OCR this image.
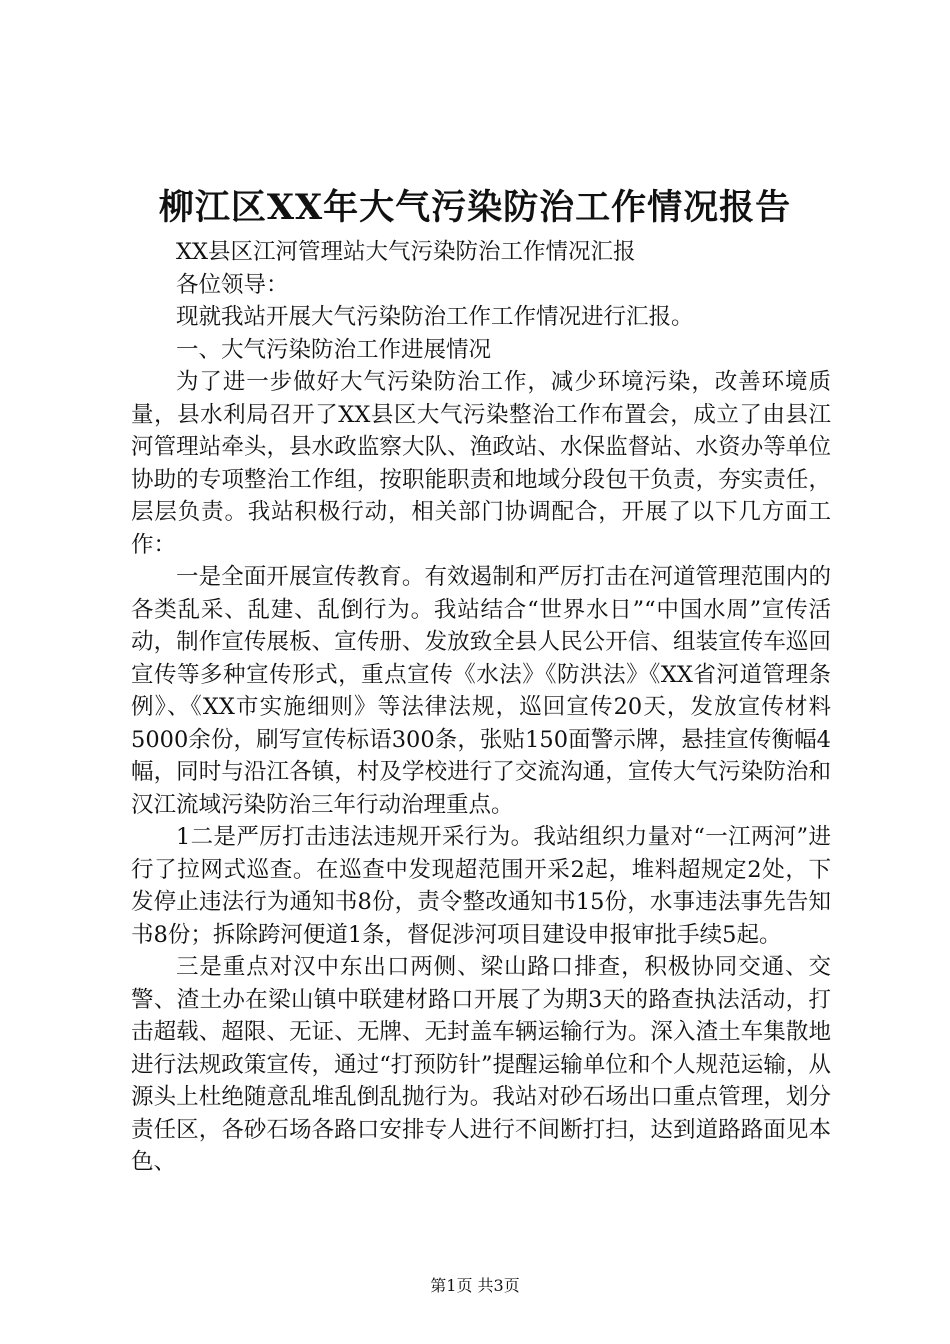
柳江区XX年大气污染防治工作情况报告

XX县区江河管理站大气污染防治工作情况汇报

各位领导：

现就我站开展大气污染防治工作工作情况进行汇报。

一、大气污染防治工作进展情况

为了进一步做好大气污染防治工作，减少环境污染，改善环境质量，县水利局召开了XX县区大气污染整治工作布置会，成立了由县江河管理站牵头，县水政监察大队、渔政站、水保监督站、水资办等单位协助的专项整治工作组，按职能职责和地域分段包干负责，夯实责任，层层负责。我站积极行动，相关部门协调配合，开展了以下几方面工作：

一是全面开展宣传教育。有效遏制和严厉打击在河道管理范围内的各类乱采、乱建、乱倒行为。我站结合“世界水日”“中国水周”宣传活动，制作宣传展板、宣传册、发放致全县人民公开信、组装宣传车巡回宣传等多种宣传形式，重点宣传《水法》《防洪法》《XX省河道管理条例》、《XX市实施细则》等法律法规，巡回宣传20天，发放宣传材料5000余份，刷写宣传标语300条，张贴150面警示牌，悬挂宣传衡幅4幅，同时与沿江各镇，村及学校进行了交流沟通，宣传大气污染防治和汉江流域污染防治三年行动治理重点。

1二是严厉打击违法违规开采行为。我站组织力量对“一江两河”进行了拉网式巡查。在巡查中发现超范围开采2起，堆料超规定2处，下发停止违法行为通知书8份，责令整改通知书15份，水事违法事先告知书8份；拆除跨河便道1条，督促涉河项目建设申报审批手续5起。

三是重点对汉中东出口两侧、梁山路口排查，积极协同交通、交警、渣土办在梁山镇中联建材路口开展了为期3天的路查执法活动，打击超载、超限、无证、无牌、无封盖车辆运输行为。深入渣土车集散地进行法规政策宣传，通过“打预防针”提醒运输单位和个人规范运输，从源头上杜绝随意乱堆乱倒乱抛行为。我站对砂石场出口重点管理，划分责任区，各砂石场各路口安排专人进行不间断打扫，达到道路路面见本色、

第1页 共3页
